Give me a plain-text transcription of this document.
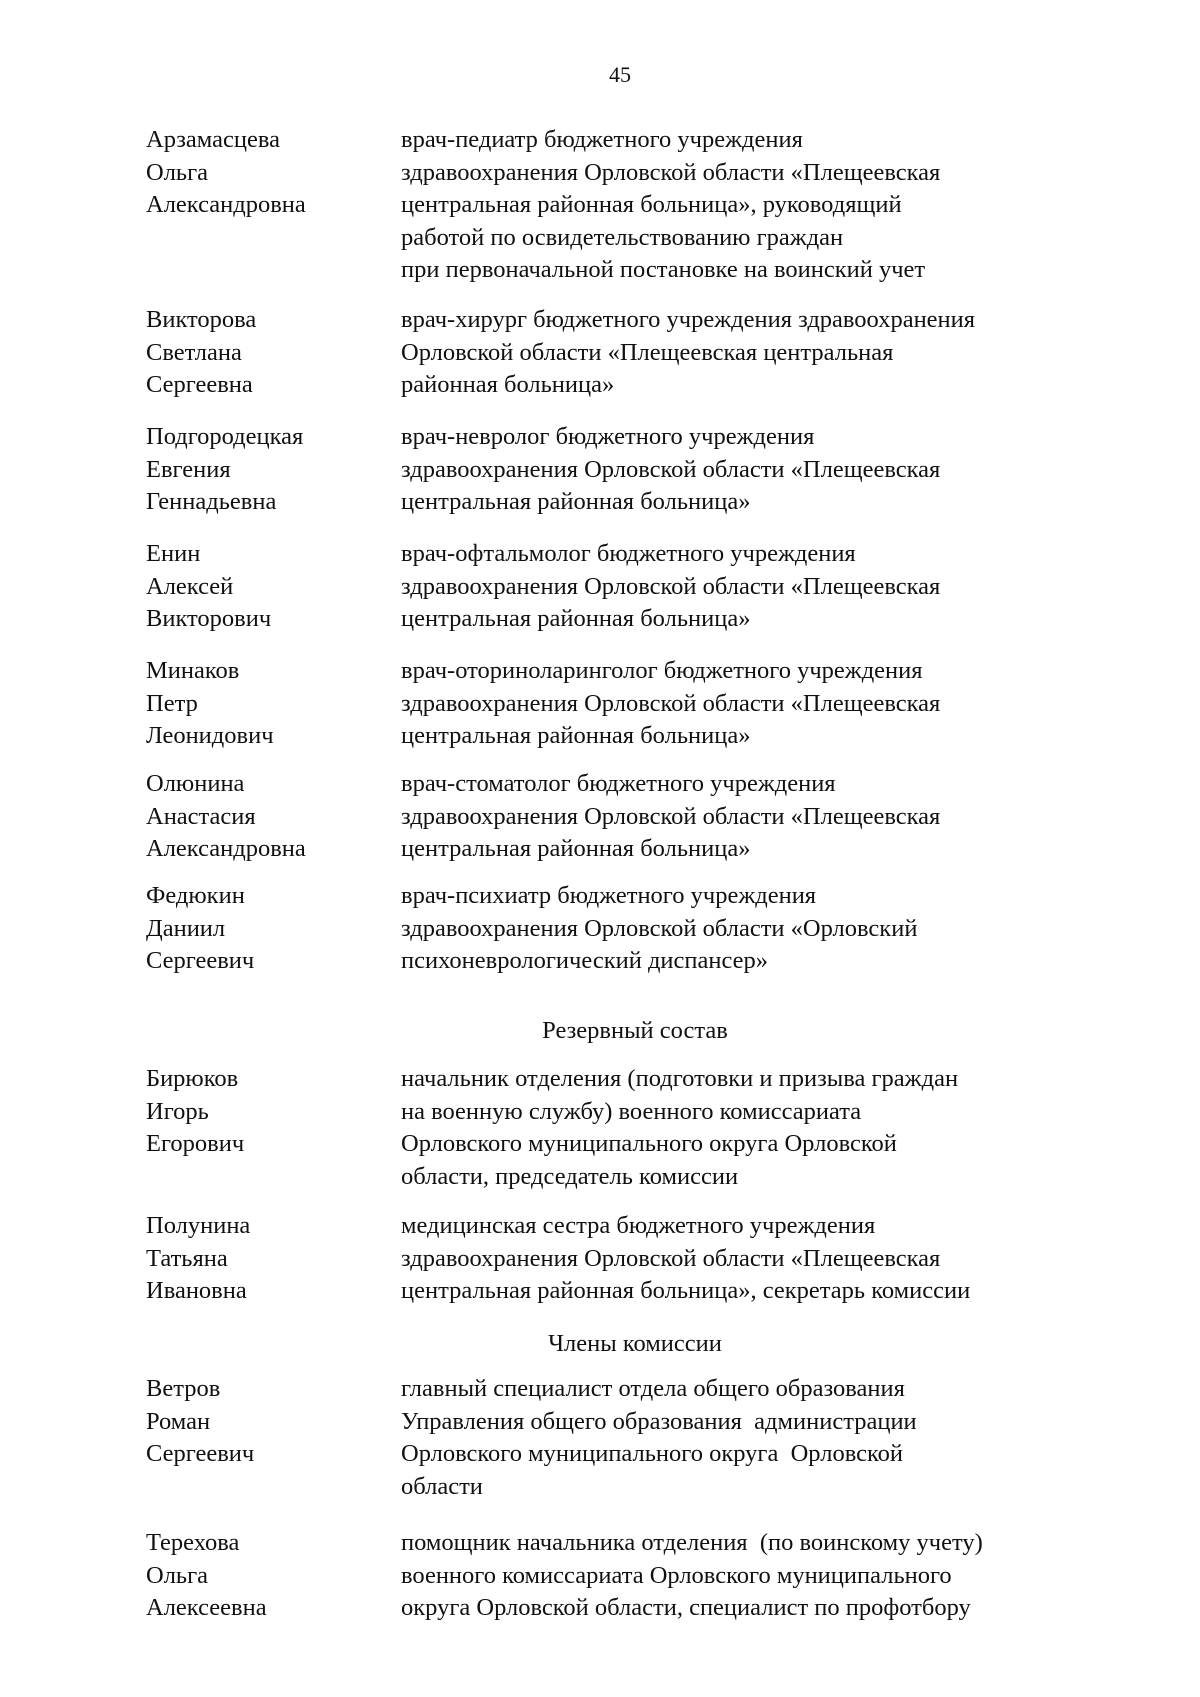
45
Арзамасцева
Ольга
Александровна
врач-педиатр бюджетного учреждения
здравоохранения Орловской области «Плещеевская
центральная районная больница», руководящий
работой по освидетельствованию граждан
при первоначальной постановке на воинский учет
Викторова
Светлана
Сергеевна
врач-хирург бюджетного учреждения здравоохранения
Орловской области «Плещеевская центральная
районная больница»
Подгородецкая
Евгения
Геннадьевна
врач-невролог бюджетного учреждения
здравоохранения Орловской области «Плещеевская
центральная районная больница»
Енин
Алексей
Викторович
врач-офтальмолог бюджетного учреждения
здравоохранения Орловской области «Плещеевская
центральная районная больница»
Минаков
Петр
Леонидович
врач-оториноларинголог бюджетного учреждения
здравоохранения Орловской области «Плещеевская
центральная районная больница»
Олюнина
Анастасия
Александровна
врач-стоматолог бюджетного учреждения
здравоохранения Орловской области «Плещеевская
центральная районная больница»
Федюкин
Даниил
Сергеевич
врач-психиатр бюджетного учреждения
здравоохранения Орловской области «Орловский
психоневрологический диспансер»
Резервный состав
Бирюков
Игорь
Егорович
начальник отделения (подготовки и призыва граждан
на военную службу) военного комиссариата
Орловского муниципального округа Орловской
области, председатель комиссии
Полунина
Татьяна
Ивановна
медицинская сестра бюджетного учреждения
здравоохранения Орловской области «Плещеевская
центральная районная больница», секретарь комиссии
Члены комиссии
Ветров
Роман
Сергеевич
главный специалист отдела общего образования
Управления общего образования  администрации
Орловского муниципального округа  Орловской
области
Терехова
Ольга
Алексеевна
помощник начальника отделения  (по воинскому учету)
военного комиссариата Орловского муниципального
округа Орловской области, специалист по профотбору
